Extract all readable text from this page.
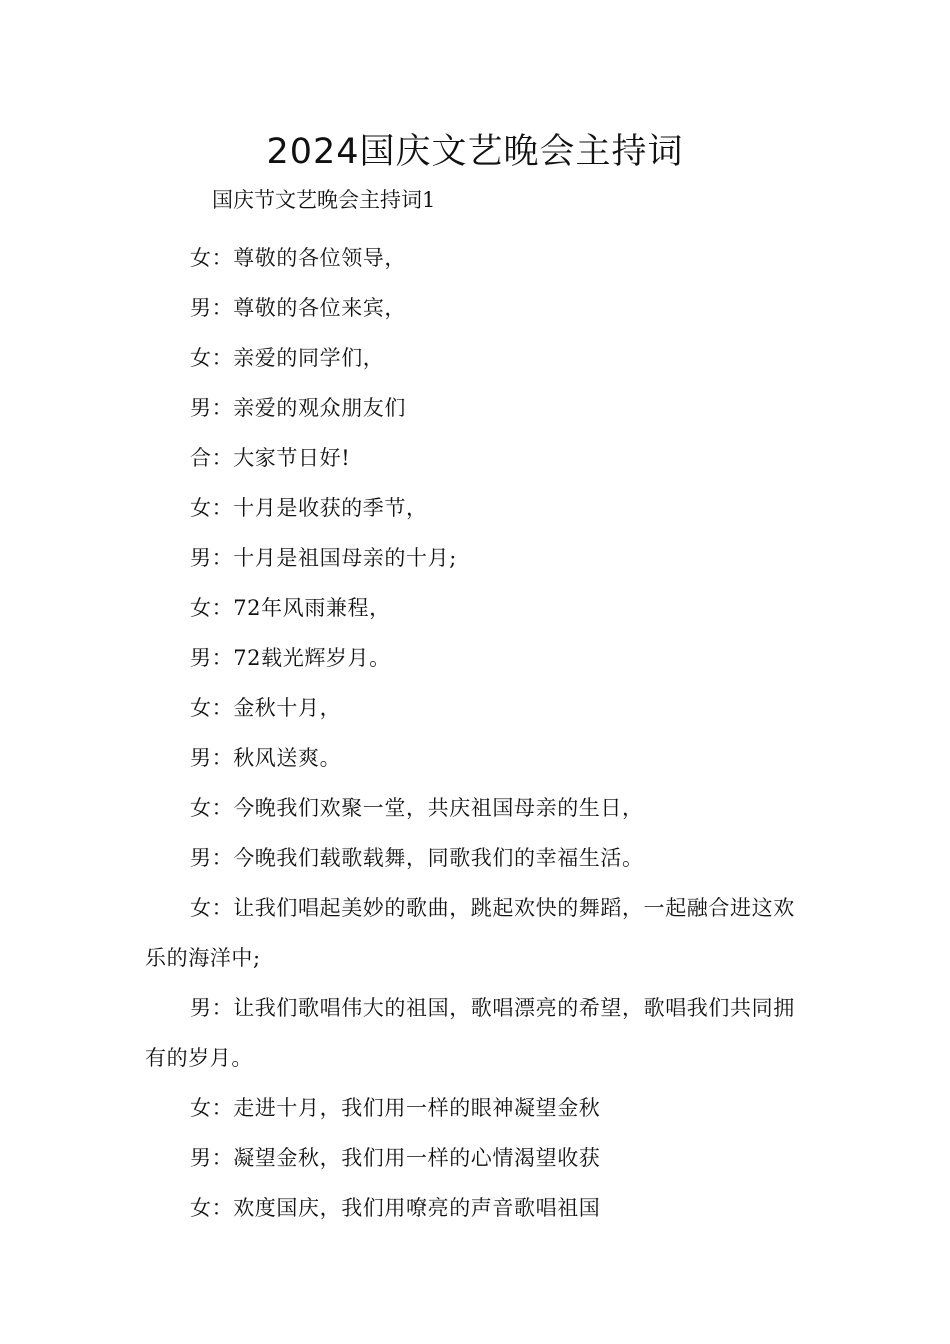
2024国庆文艺晚会主持词

国庆节文艺晚会主持词1

女：尊敬的各位领导，

男：尊敬的各位来宾，

女：亲爱的同学们，

男：亲爱的观众朋友们

合：大家节日好!

女：十月是收获的季节，

男：十月是祖国母亲的十月;

女：72年风雨兼程，

男：72载光辉岁月。

女：金秋十月，

男：秋风送爽。

女：今晚我们欢聚一堂，共庆祖国母亲的生日，

男：今晚我们载歌载舞，同歌我们的幸福生活。

女：让我们唱起美妙的歌曲，跳起欢快的舞蹈，一起融合进这欢乐的海洋中;

男：让我们歌唱伟大的祖国，歌唱漂亮的希望，歌唱我们共同拥有的岁月。

女：走进十月，我们用一样的眼神凝望金秋

男：凝望金秋，我们用一样的心情渴望收获

女：欢度国庆，我们用嘹亮的声音歌唱祖国
